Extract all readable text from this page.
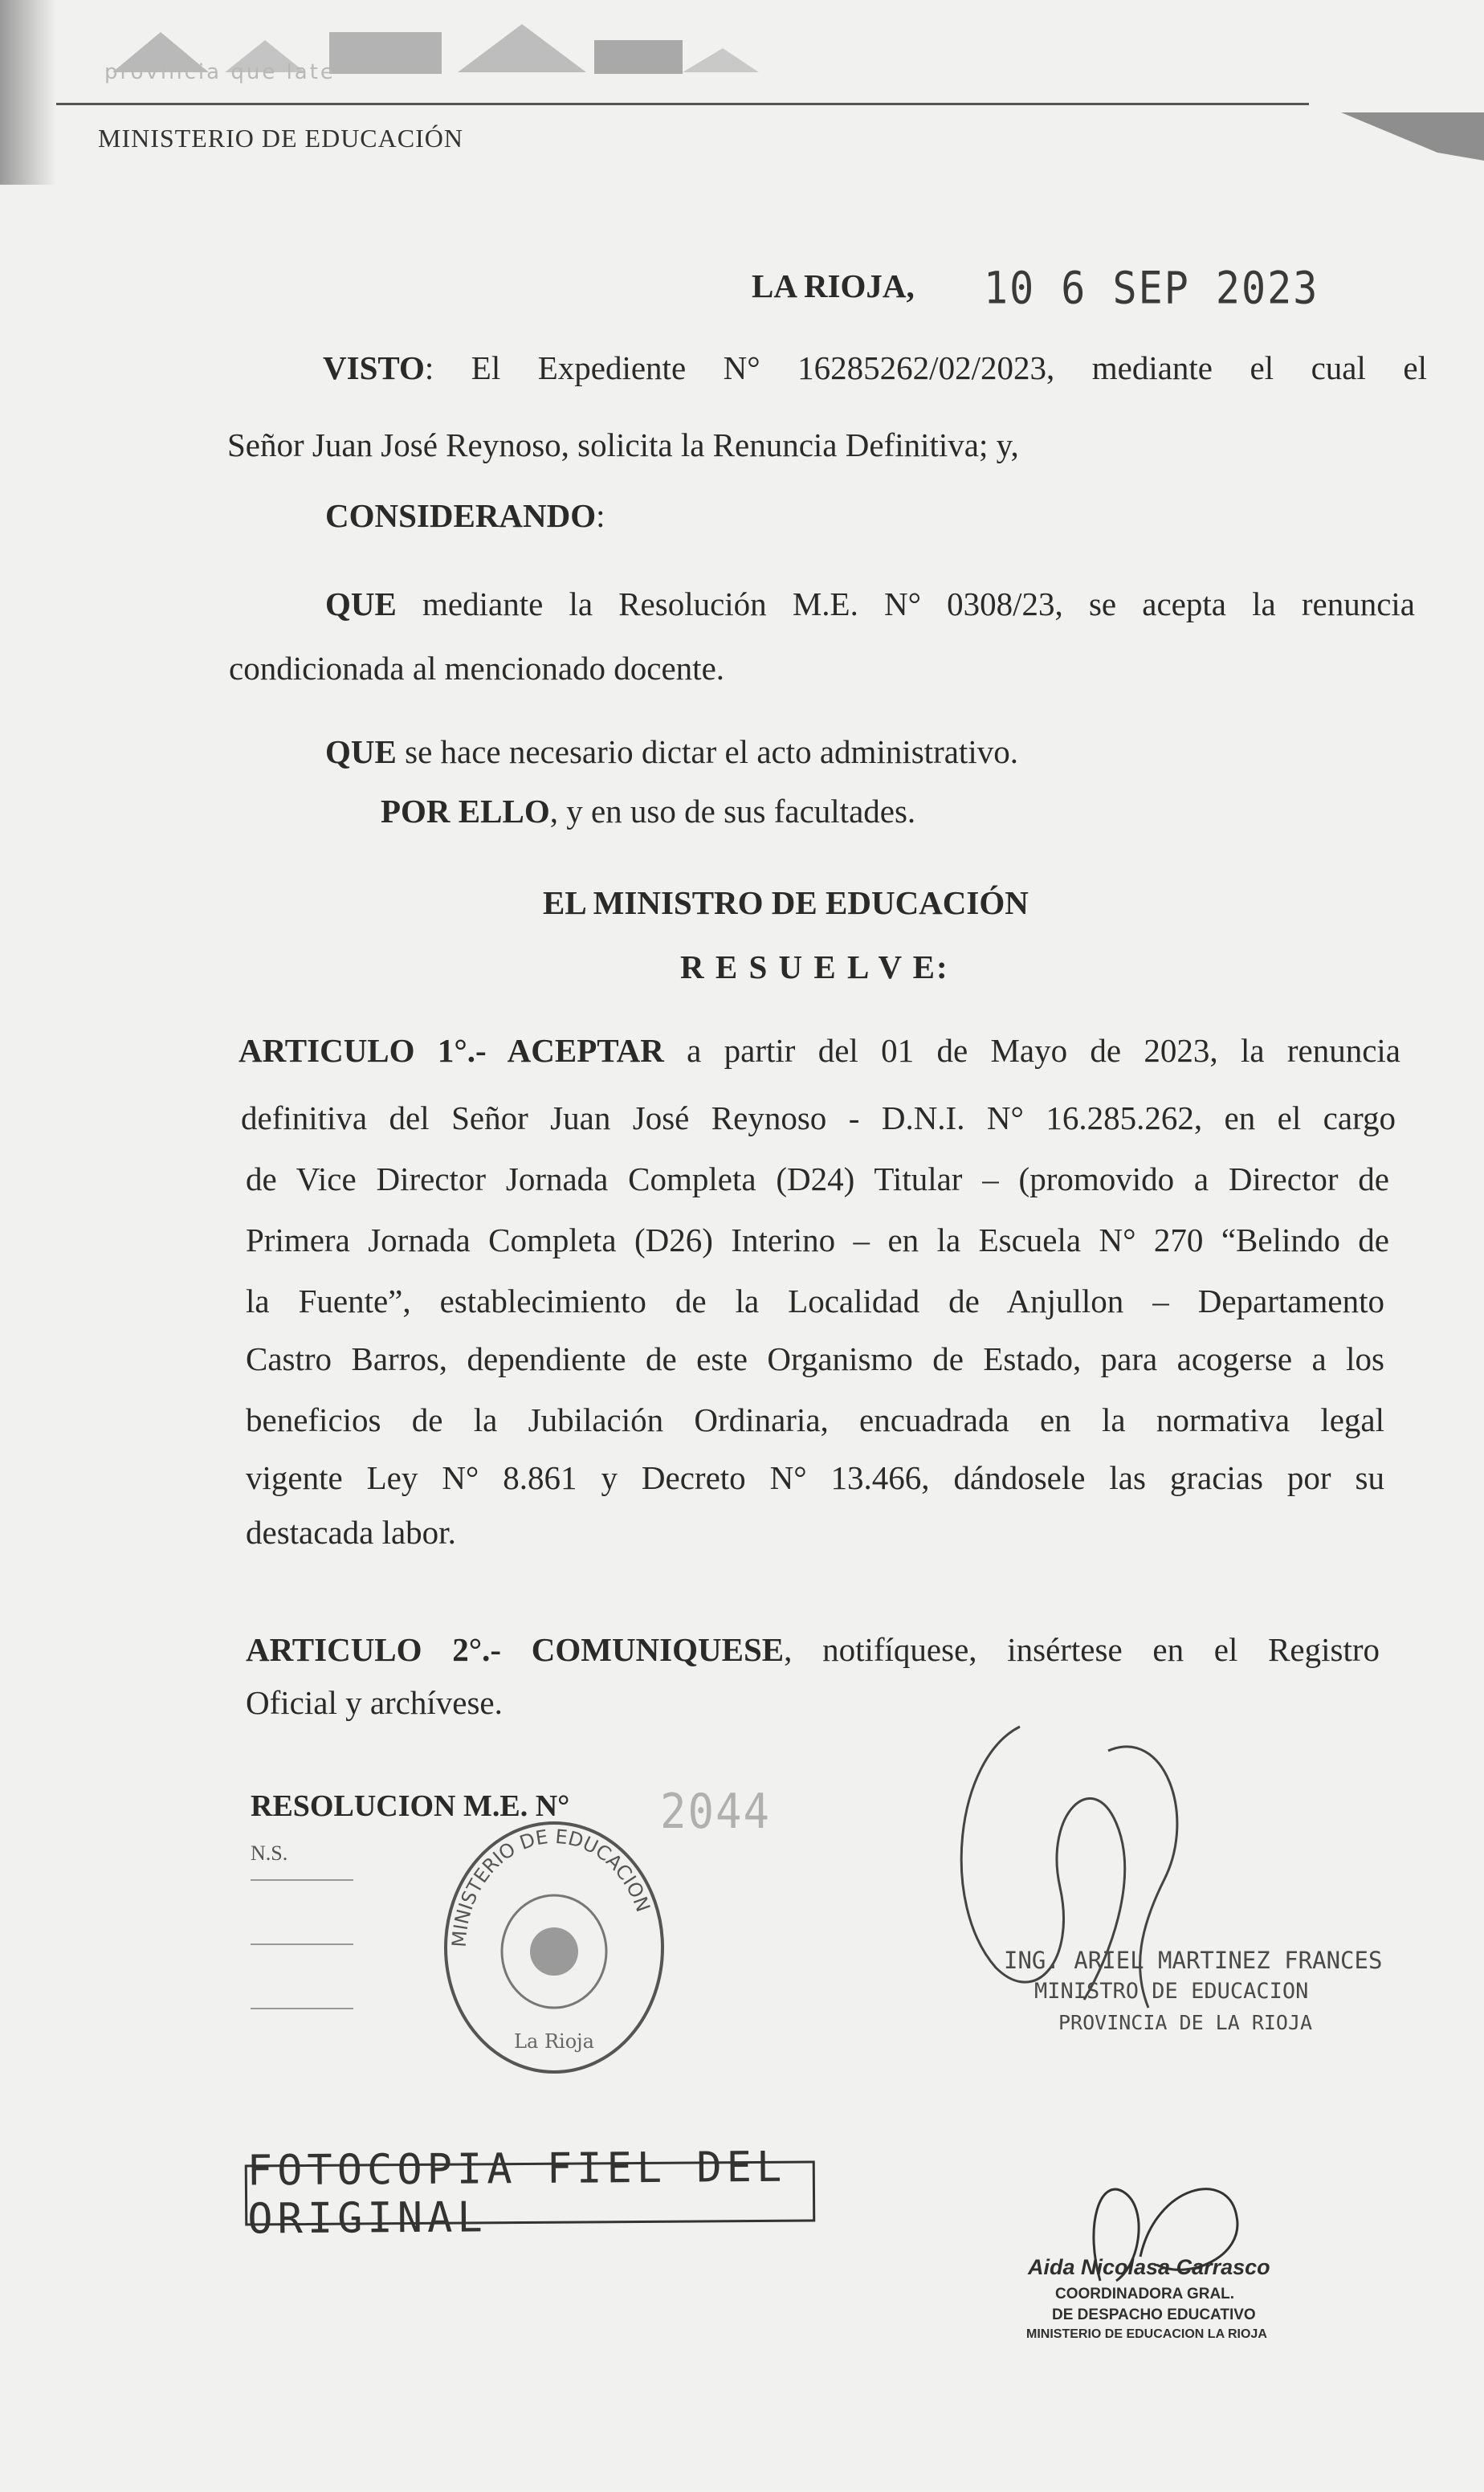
provincia que late
MINISTERIO DE EDUCACIÓN
LA RIOJA, 10 6 SEP 2023
VISTO: El Expediente N° 16285262/02/2023, mediante el cual el
Señor Juan José Reynoso, solicita la Renuncia Definitiva; y,
CONSIDERANDO:
QUE mediante la Resolución M.E. N° 0308/23, se acepta la renuncia
condicionada al mencionado docente.
QUE se hace necesario dictar el acto administrativo.
POR ELLO, y en uso de sus facultades.
EL MINISTRO DE EDUCACIÓN
R E S U E L V E:
ARTICULO 1°.- ACEPTAR a partir del 01 de Mayo de 2023, la renuncia
definitiva del Señor Juan José Reynoso - D.N.I. N° 16.285.262, en el cargo
de Vice Director Jornada Completa (D24) Titular – (promovido a Director de
Primera Jornada Completa (D26) Interino – en la Escuela N° 270 “Belindo de
la Fuente”, establecimiento de la Localidad de Anjullon – Departamento
Castro Barros, dependiente de este Organismo de Estado, para acogerse a los
beneficios de la Jubilación Ordinaria, encuadrada en la normativa legal
vigente Ley N° 8.861 y Decreto N° 13.466, dándosele las gracias por su
destacada labor.
ARTICULO 2°.- COMUNIQUESE, notifíquese, insértese en el Registro
Oficial y archívese.
RESOLUCION M.E. N° 2044
N.S.
MINISTERIO DE EDUCACION
La Rioja
ING. ARIEL MARTINEZ FRANCES
MINISTRO DE EDUCACION
PROVINCIA DE LA RIOJA
FOTOCOPIA FIEL DEL ORIGINAL
Aida Nicolasa Carrasco
COORDINADORA GRAL.
DE DESPACHO EDUCATIVO
MINISTERIO DE EDUCACION LA RIOJA
